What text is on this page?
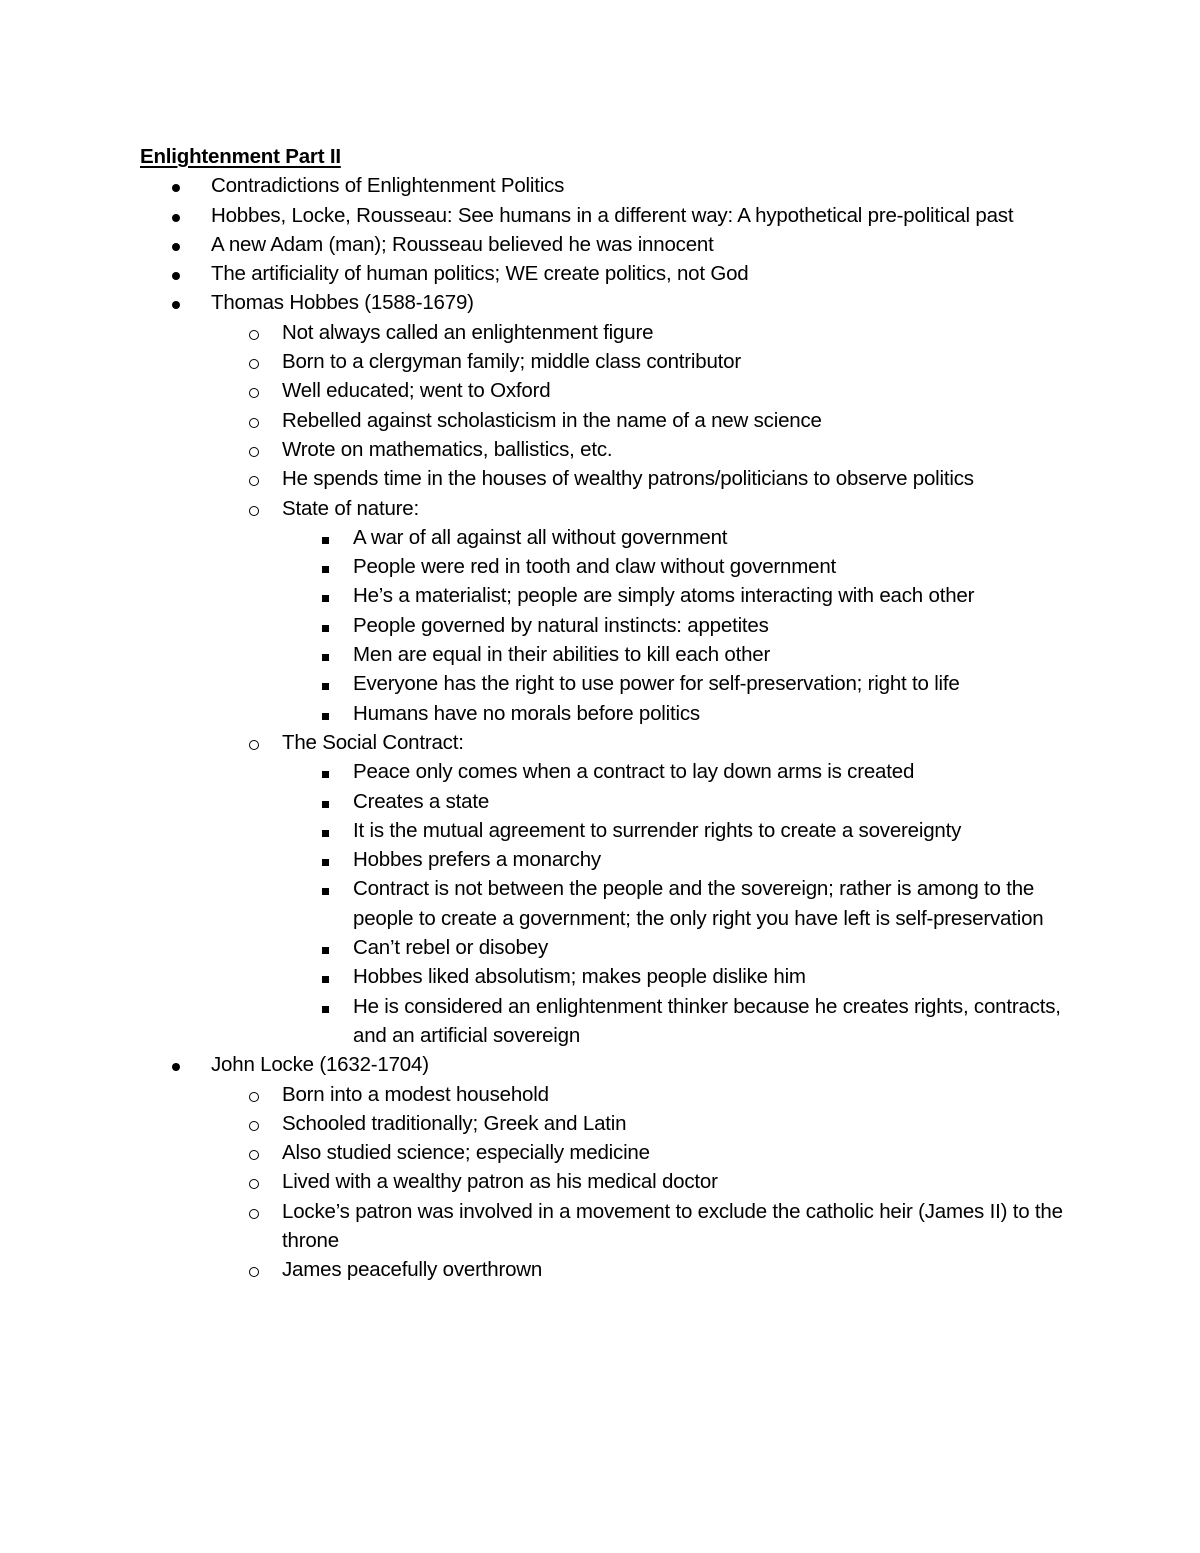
Enlightenment Part II
Contradictions of Enlightenment Politics
Hobbes, Locke, Rousseau: See humans in a different way: A hypothetical pre-political past
A new Adam (man); Rousseau believed he was innocent
The artificiality of human politics; WE create politics, not God
Thomas Hobbes (1588-1679)
Not always called an enlightenment figure
Born to a clergyman family; middle class contributor
Well educated; went to Oxford
Rebelled against scholasticism in the name of a new science
Wrote on mathematics, ballistics, etc.
He spends time in the houses of wealthy patrons/politicians to observe politics
State of nature:
A war of all against all without government
People were red in tooth and claw without government
He’s a materialist; people are simply atoms interacting with each other
People governed by natural instincts: appetites
Men are equal in their abilities to kill each other
Everyone has the right to use power for self-preservation; right to life
Humans have no morals before politics
The Social Contract:
Peace only comes when a contract to lay down arms is created
Creates a state
It is the mutual agreement to surrender rights to create a sovereignty
Hobbes prefers a monarchy
Contract is not between the people and the sovereign; rather is among to the people to create a government; the only right you have left is self-preservation
Can’t rebel or disobey
Hobbes liked absolutism; makes people dislike him
He is considered an enlightenment thinker because he creates rights, contracts, and an artificial sovereign
John Locke (1632-1704)
Born into a modest household
Schooled traditionally; Greek and Latin
Also studied science; especially medicine
Lived with a wealthy patron as his medical doctor
Locke’s patron was involved in a movement to exclude the catholic heir (James II) to the throne
James peacefully overthrown
